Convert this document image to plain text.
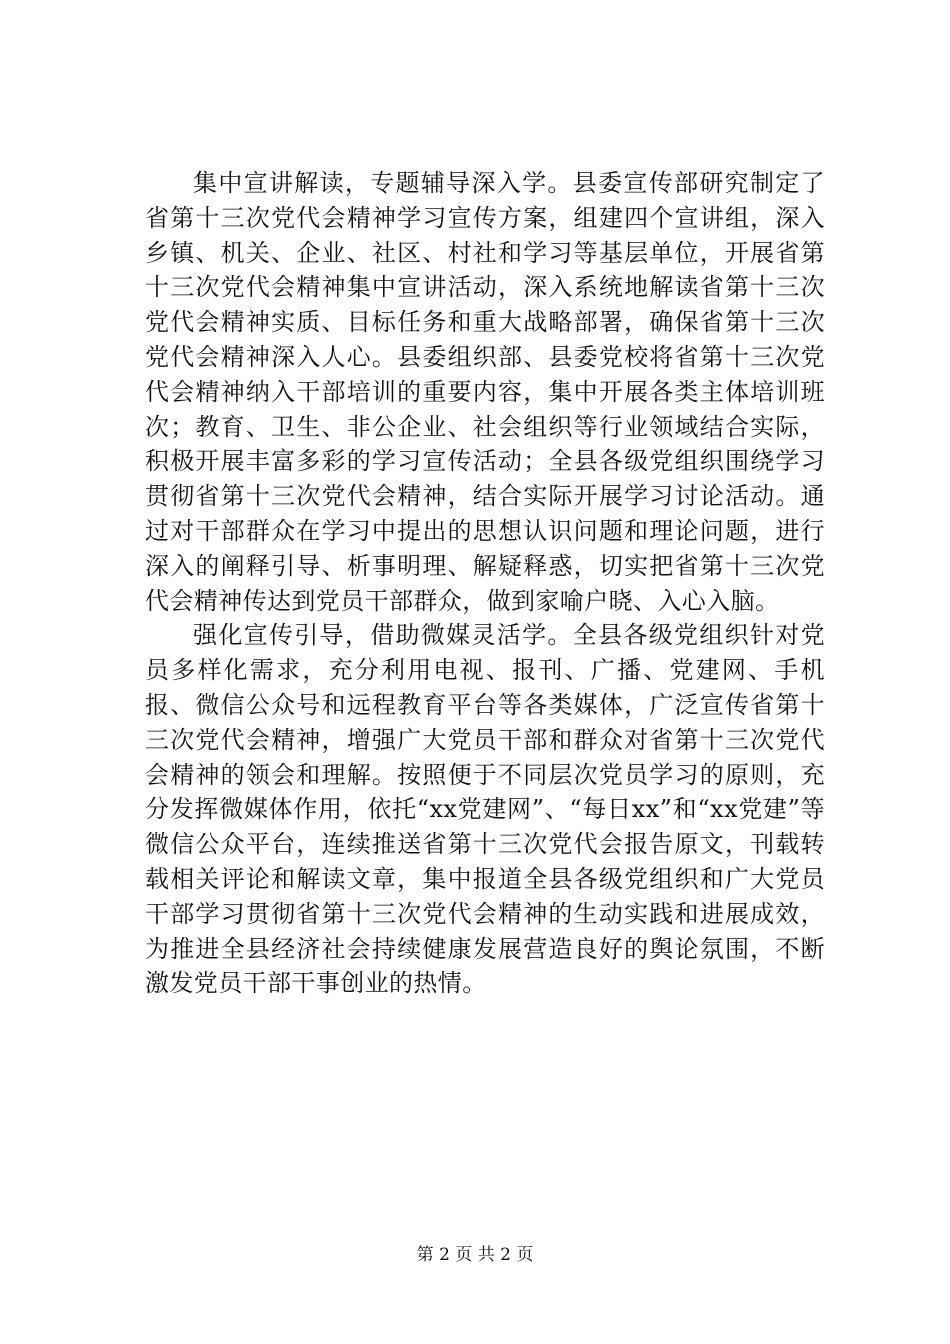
集中宣讲解读，专题辅导深入学。县委宣传部研究制定了省第十三次党代会精神学习宣传方案，组建四个宣讲组，深入乡镇、机关、企业、社区、村社和学习等基层单位，开展省第十三次党代会精神集中宣讲活动，深入系统地解读省第十三次党代会精神实质、目标任务和重大战略部署，确保省第十三次党代会精神深入人心。县委组织部、县委党校将省第十三次党代会精神纳入干部培训的重要内容，集中开展各类主体培训班次；教育、卫生、非公企业、社会组织等行业领域结合实际，积极开展丰富多彩的学习宣传活动；全县各级党组织围绕学习贯彻省第十三次党代会精神，结合实际开展学习讨论活动。通过对干部群众在学习中提出的思想认识问题和理论问题，进行深入的阐释引导、析事明理、解疑释惑，切实把省第十三次党代会精神传达到党员干部群众，做到家喻户晓、入心入脑。

强化宣传引导，借助微媒灵活学。全县各级党组织针对党员多样化需求，充分利用电视、报刊、广播、党建网、手机报、微信公众号和远程教育平台等各类媒体，广泛宣传省第十三次党代会精神，增强广大党员干部和群众对省第十三次党代会精神的领会和理解。按照便于不同层次党员学习的原则，充分发挥微媒体作用，依托“xx党建网”、“每日xx”和“xx党建”等微信公众平台，连续推送省第十三次党代会报告原文，刊载转载相关评论和解读文章，集中报道全县各级党组织和广大党员干部学习贯彻省第十三次党代会精神的生动实践和进展成效，为推进全县经济社会持续健康发展营造良好的舆论氛围，不断激发党员干部干事创业的热情。

第 2 页 共 2 页
